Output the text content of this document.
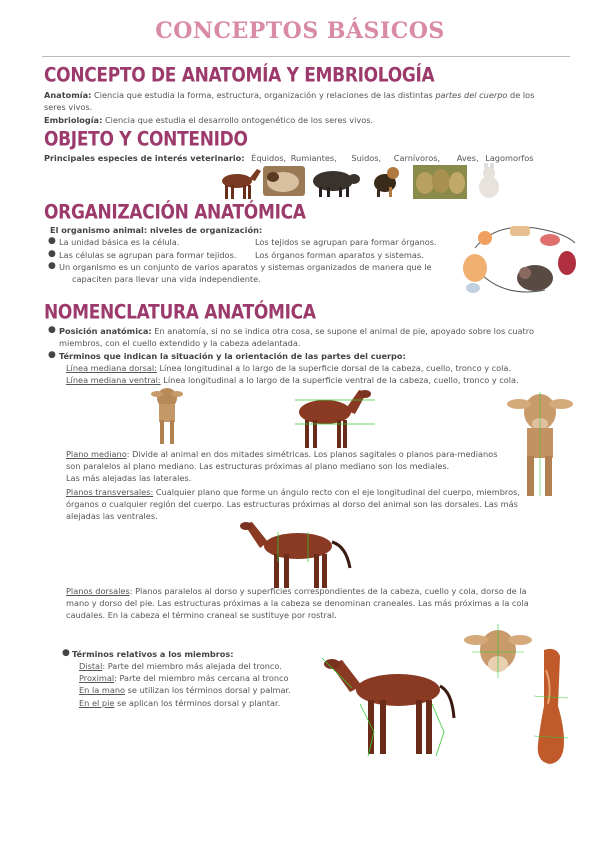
CONCEPTOS BÁSICOS
CONCEPTO DE ANATOMÍA Y EMBRIOLOGÍA
Anatomía: Ciencia que estudia la forma, estructura, organización y relaciones de las distintas partes del cuerpo de los
seres vivos.
Embriología: Ciencia que estudia el desarrollo ontogenético de los seres vivos.
OBJETO Y CONTENIDO
Principales especies de interés veterinario: Équidos, Rumiantes, Suidos, Carnívoros, Aves, Lagomorfos
ORGANIZACIÓN ANATÓMICA
El organismo animal: niveles de organización:
● La unidad básica es la célula.	Los tejidos se agrupan para formar órganos.
● Las células se agrupan para formar tejidos. Los órganos forman aparatos y sistemas.
● Un organismo es un conjunto de varios aparatos y sistemas organizados de manera que le
capaciten para llevar una vida independiente.
NOMENCLATURA ANATÓMICA
● Posición anatómica: En anatomía, si no se indica otra cosa, se supone el animal de pie, apoyado sobre los cuatro
miembros, con el cuello extendido y la cabeza adelantada.
● Términos que indican la situación y la orientación de las partes del cuerpo:
Línea mediana dorsal: Línea longitudinal a lo largo de la superficie dorsal de la cabeza, cuello, tronco y cola.
Línea mediana ventral: Línea longitudinal a lo largo de la superficie ventral de la cabeza, cuello, tronco y cola.
Plano mediano: Divide al animal en dos mitades simétricas. Los planos sagitales o planos para-medianos
son paralelos al plano mediano. Las estructuras próximas al plano mediano son los mediales.
Las más alejadas las laterales.
Planos transversales: Cualquier plano que forme un ángulo recto con el eje longitudinal del cuerpo, miembros,
órganos o cualquier región del cuerpo. Las estructuras próximas al dorso del animal son las dorsales. Las más
alejadas las ventrales.
Planos dorsales: Planos paralelos al dorso y superficies correspondientes de la cabeza, cuello y cola, dorso de la
mano y dorso del pie. Las estructuras próximas a la cabeza se denominan craneales. Las más próximas a la cola
caudales. En la cabeza el término craneal se sustituye por rostral.
● Términos relativos a los miembros:
Distal: Parte del miembro más alejada del tronco.
Proximal: Parte del miembro más cercana al tronco
En la mano se utilizan los términos dorsal y palmar.
En el pie se aplican los términos dorsal y plantar.
